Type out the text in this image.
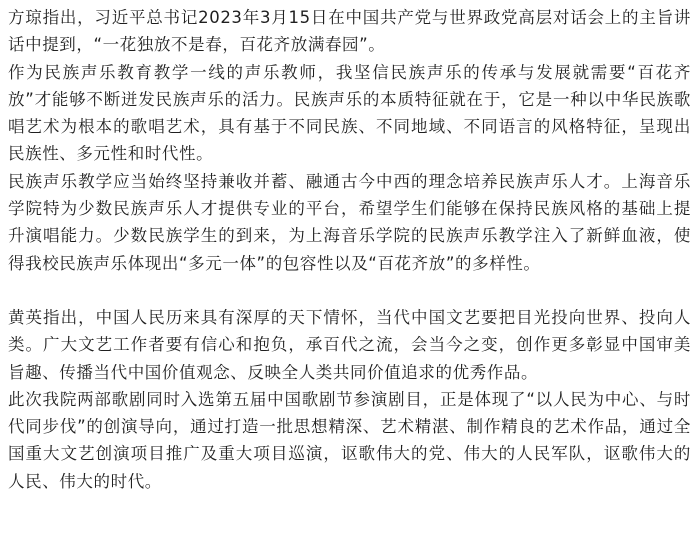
方琼指出，习近平总书记2023年3月15日在中国共产党与世界政党高层对话会上的主旨讲话中提到，“一花独放不是春，百花齐放满春园”。

作为民族声乐教育教学一线的声乐教师，我坚信民族声乐的传承与发展就需要“百花齐放”才能够不断迸发民族声乐的活力。民族声乐的本质特征就在于，它是一种以中华民族歌唱艺术为根本的歌唱艺术，具有基于不同民族、不同地域、不同语言的风格特征，呈现出民族性、多元性和时代性。

民族声乐教学应当始终坚持兼收并蓄、融通古今中西的理念培养民族声乐人才。上海音乐学院特为少数民族声乐人才提供专业的平台，希望学生们能够在保持民族风格的基础上提升演唱能力。少数民族学生的到来，为上海音乐学院的民族声乐教学注入了新鲜血液，使得我校民族声乐体现出“多元一体”的包容性以及“百花齐放”的多样性。

黄英指出，中国人民历来具有深厚的天下情怀，当代中国文艺要把目光投向世界、投向人类。广大文艺工作者要有信心和抱负，承百代之流，会当今之变，创作更多彰显中国审美旨趣、传播当代中国价值观念、反映全人类共同价值追求的优秀作品。

此次我院两部歌剧同时入选第五届中国歌剧节参演剧目，正是体现了“以人民为中心、与时代同步伐”的创演导向，通过打造一批思想精深、艺术精湛、制作精良的艺术作品，通过全国重大文艺创演项目推广及重大项目巡演，讴歌伟大的党、伟大的人民军队，讴歌伟大的人民、伟大的时代。
